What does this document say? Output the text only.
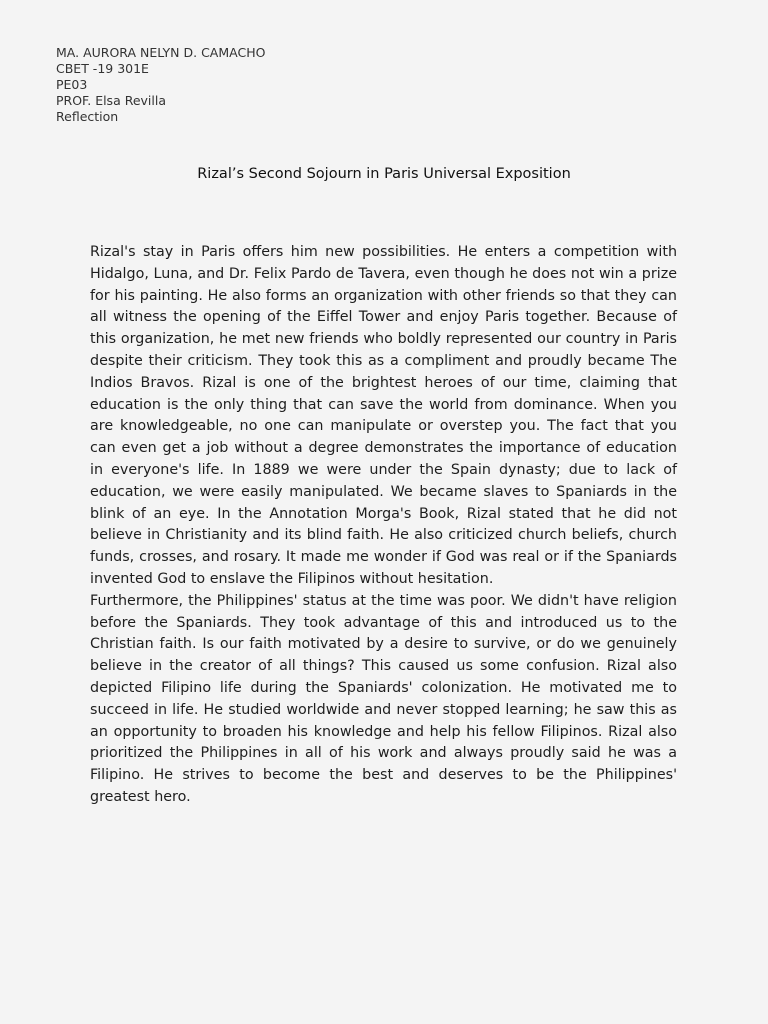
MA. AURORA NELYN D. CAMACHO
CBET -19 301E
PE03
PROF. Elsa Revilla
Reflection
Rizal’s Second Sojourn in Paris Universal Exposition

Rizal's stay in Paris offers him new possibilities. He enters a competition with Hidalgo, Luna, and Dr. Felix Pardo de Tavera, even though he does not win a prize for his painting. He also forms an organization with other friends so that they can all witness the opening of the Eiffel Tower and enjoy Paris together. Because of this organization, he met new friends who boldly represented our country in Paris despite their criticism. They took this as a compliment and proudly became The Indios Bravos. Rizal is one of the brightest heroes of our time, claiming that education is the only thing that can save the world from dominance. When you are knowledgeable, no one can manipulate or overstep you. The fact that you can even get a job without a degree demonstrates the importance of education in everyone's life. In 1889 we were under the Spain dynasty; due to lack of education, we were easily manipulated. We became slaves to Spaniards in the blink of an eye. In the Annotation Morga's Book, Rizal stated that he did not believe in Christianity and its blind faith. He also criticized church beliefs, church funds, crosses, and rosary. It made me wonder if God was real or if the Spaniards invented God to enslave the Filipinos without hesitation.

Furthermore, the Philippines' status at the time was poor. We didn't have religion before the Spaniards. They took advantage of this and introduced us to the Christian faith. Is our faith motivated by a desire to survive, or do we genuinely believe in the creator of all things? This caused us some confusion. Rizal also depicted Filipino life during the Spaniards' colonization. He motivated me to succeed in life. He studied worldwide and never stopped learning; he saw this as an opportunity to broaden his knowledge and help his fellow Filipinos. Rizal also prioritized the Philippines in all of his work and always proudly said he was a Filipino. He strives to become the best and deserves to be the Philippines' greatest hero.
